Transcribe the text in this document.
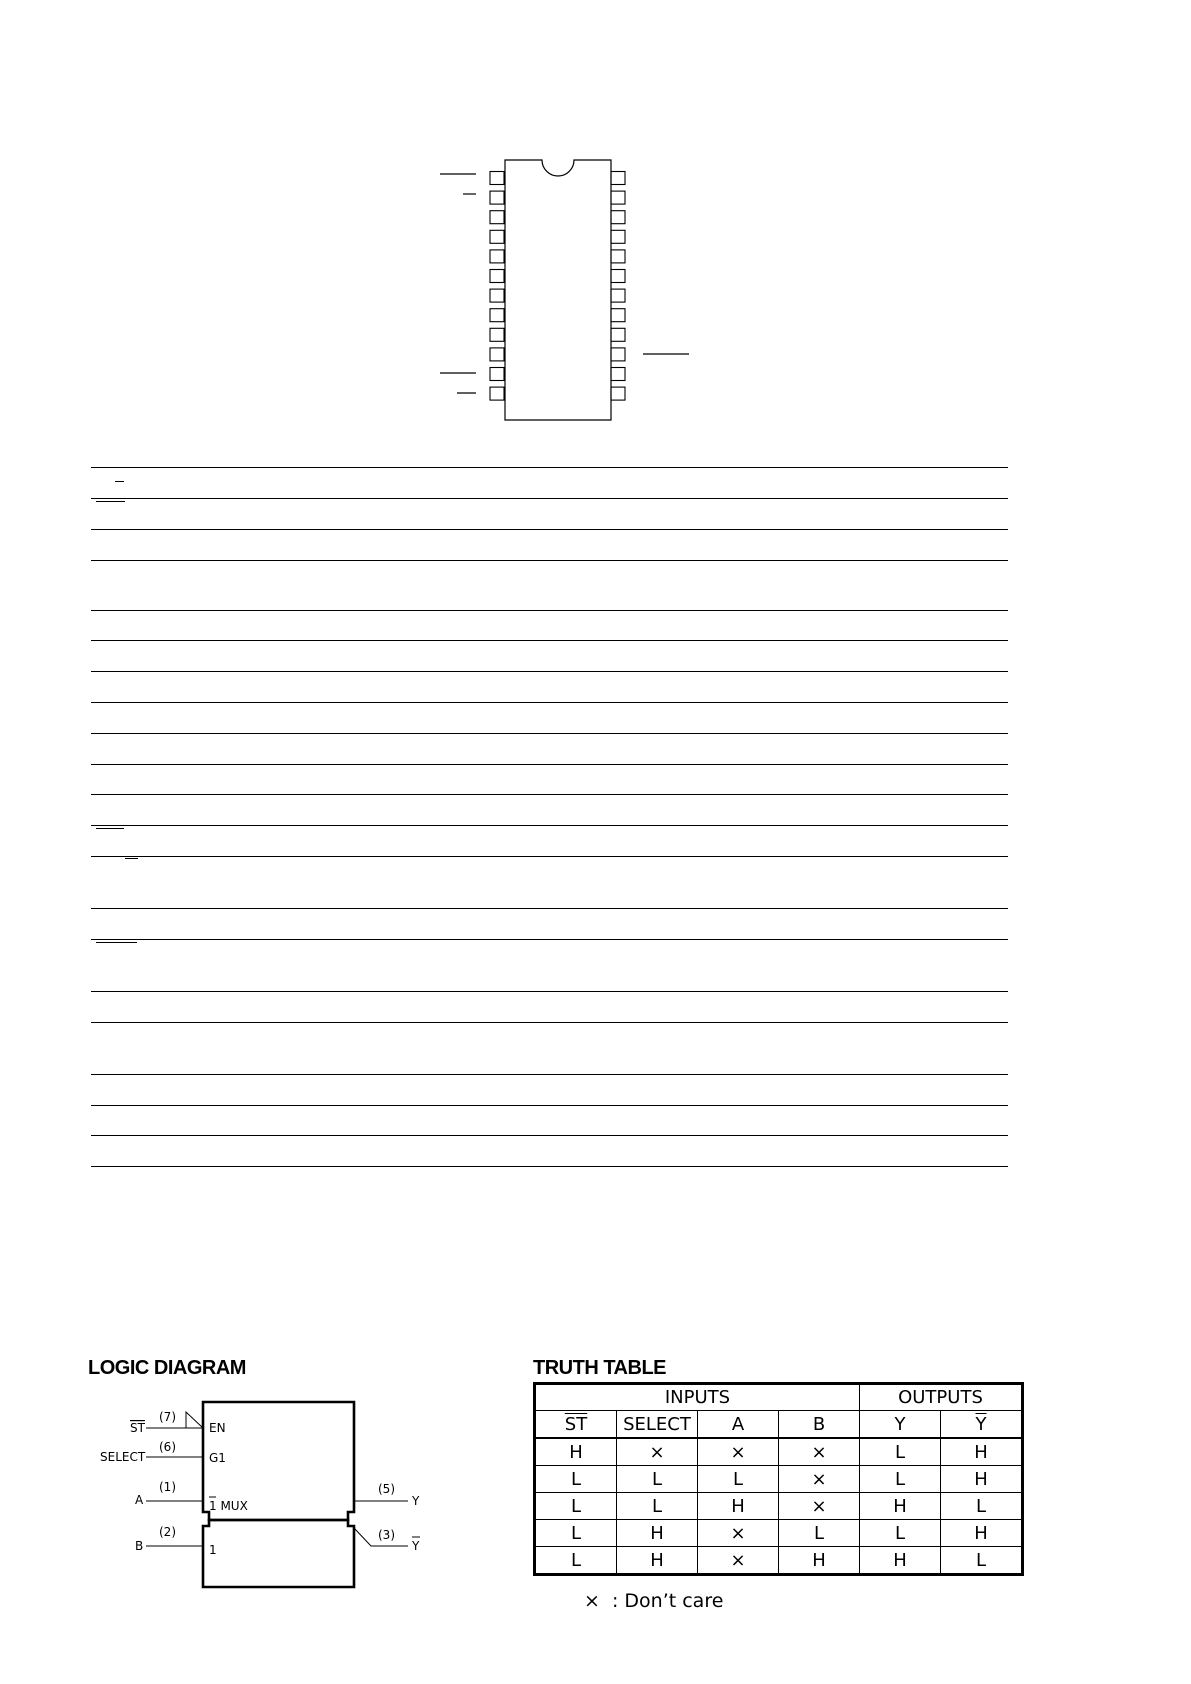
LOGIC DIAGRAM
ST
(7)
SELECT
(6)
A
(1)
B
(2)
EN
G1
1 MUX
1
(5)
Y
(3)
Y
TRUTH TABLE
INPUTS				OUTPUTS	
$\overline{ST}$	SELECT	A	B	Y	$\overline{Y}$
H	×	×	×	L	H
L	L	L	×	L	H
L	L	H	×	H	L
L	H	×	L	L	H
L	H	×	H	H	L
× : Don’t care
